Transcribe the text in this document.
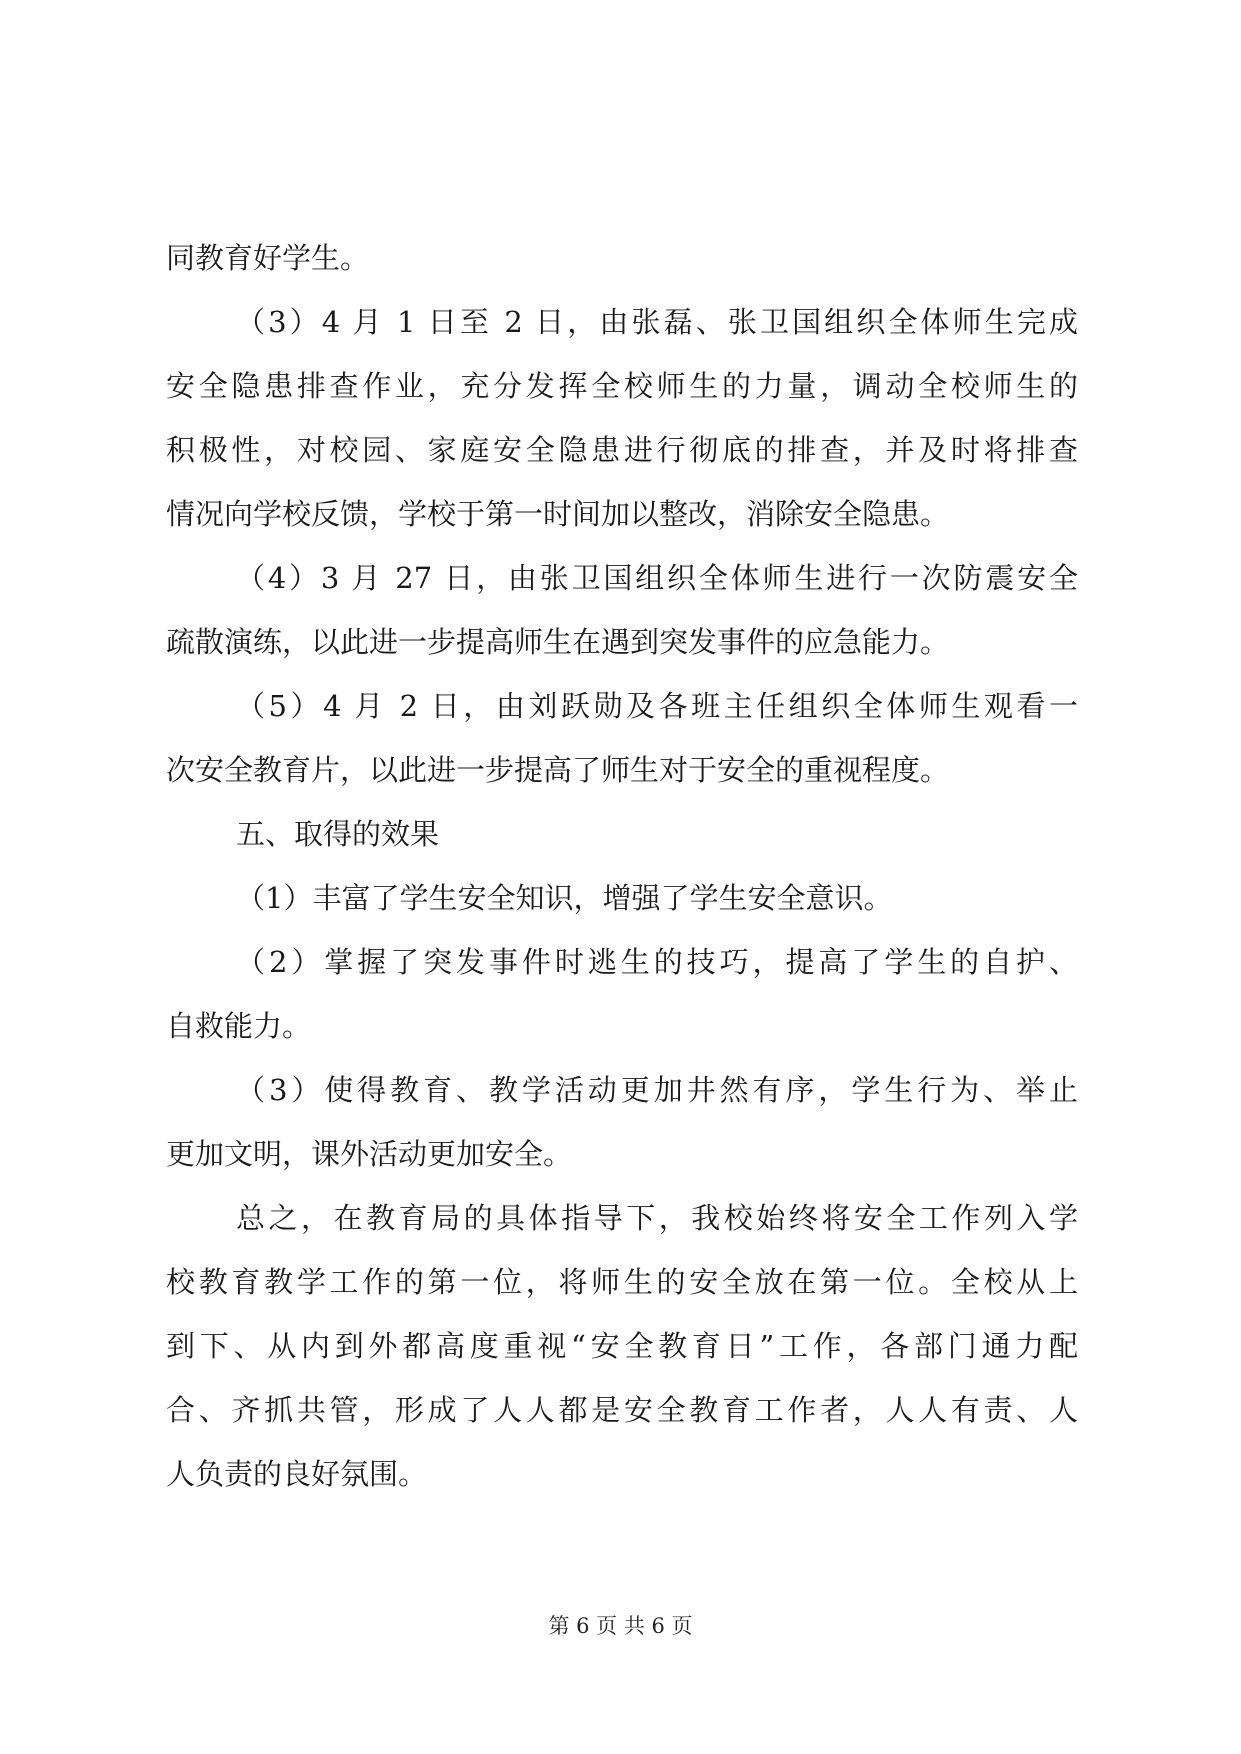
同教育好学生。
（3）4 月 1 日至 2 日，由张磊、张卫国组织全体师生完成
安全隐患排查作业，充分发挥全校师生的力量，调动全校师生的
积极性，对校园、家庭安全隐患进行彻底的排查，并及时将排查
情况向学校反馈，学校于第一时间加以整改，消除安全隐患。
（4）3 月 27 日，由张卫国组织全体师生进行一次防震安全
疏散演练，以此进一步提高师生在遇到突发事件的应急能力。
（5）4 月 2 日，由刘跃勋及各班主任组织全体师生观看一
次安全教育片，以此进一步提高了师生对于安全的重视程度。
五、取得的效果
（1）丰富了学生安全知识，增强了学生安全意识。
（2）掌握了突发事件时逃生的技巧，提高了学生的自护、
自救能力。
（3）使得教育、教学活动更加井然有序，学生行为、举止
更加文明，课外活动更加安全。
总之，在教育局的具体指导下，我校始终将安全工作列入学
校教育教学工作的第一位，将师生的安全放在第一位。全校从上
到下、从内到外都高度重视“安全教育日”工作，各部门通力配
合、齐抓共管，形成了人人都是安全教育工作者，人人有责、人
人负责的良好氛围。
第 6 页 共 6 页
